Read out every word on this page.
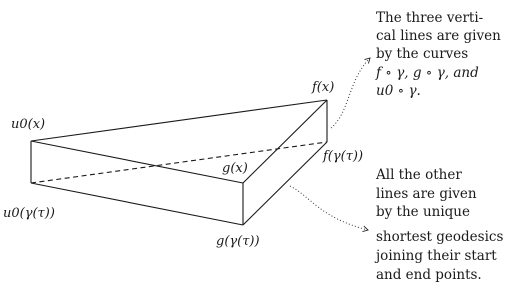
f(x)
u0(x)
g(x)
f(γ(τ))
u0(γ(τ))
g(γ(τ))
The three verti-
cal lines are given
by the curves
f ∘ γ, g ∘ γ, and
u0 ∘ γ.
All the other
lines are given
by the unique
shortest geodesics
joining their start
and end points.
